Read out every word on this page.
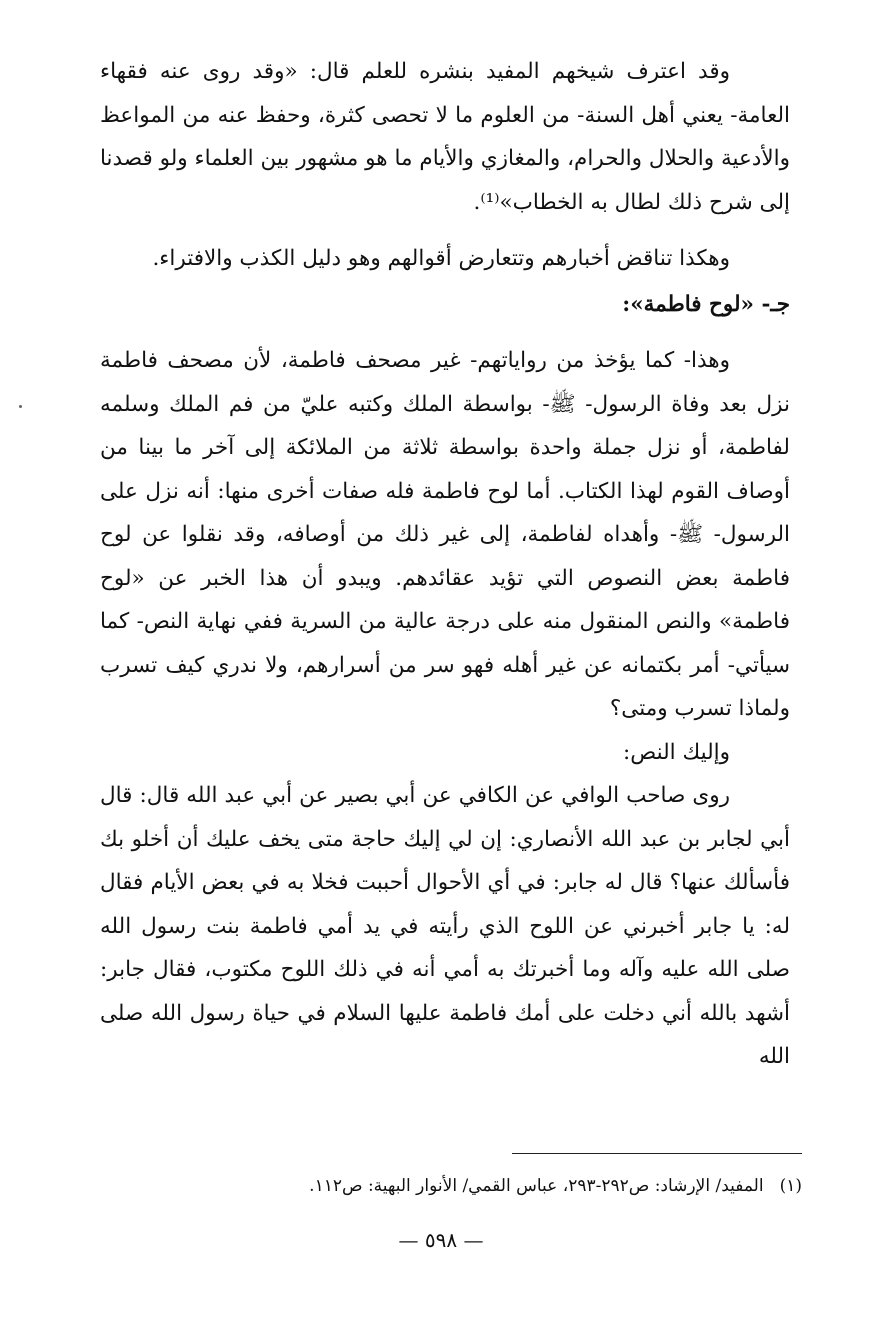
وقد اعترف شيخهم المفيد بنشره للعلم قال: «وقد روى عنه فقهاء العامة- يعني أهل السنة- من العلوم ما لا تحصى كثرة، وحفظ عنه من المواعظ والأدعية والحلال والحرام، والمغازي والأيام ما هو مشهور بين العلماء ولو قصدنا إلى شرح ذلك لطال به الخطاب»⁽¹⁾.

وهكذا تناقض أخبارهم وتتعارض أقوالهم وهو دليل الكذب والافتراء.

جـ- «لوح فاطمة»:

وهذا- كما يؤخذ من رواياتهم- غير مصحف فاطمة، لأن مصحف فاطمة نزل بعد وفاة الرسول- ﷺ- بواسطة الملك وكتبه عليّ من فم الملك وسلمه لفاطمة، أو نزل جملة واحدة بواسطة ثلاثة من الملائكة إلى آخر ما بينا من أوصاف القوم لهذا الكتاب. أما لوح فاطمة فله صفات أخرى منها: أنه نزل على الرسول- ﷺ- وأهداه لفاطمة، إلى غير ذلك من أوصافه، وقد نقلوا عن لوح فاطمة بعض النصوص التي تؤيد عقائدهم. ويبدو أن هذا الخبر عن «لوح فاطمة» والنص المنقول منه على درجة عالية من السرية ففي نهاية النص- كما سيأتي- أمر بكتمانه عن غير أهله فهو سر من أسرارهم، ولا ندري كيف تسرب ولماذا تسرب ومتى؟

وإليك النص:

روى صاحب الوافي عن الكافي عن أبي بصير عن أبي عبد الله قال: قال أبي لجابر بن عبد الله الأنصاري: إن لي إليك حاجة متى يخف عليك أن أخلو بك فأسألك عنها؟ قال له جابر: في أي الأحوال أحببت فخلا به في بعض الأيام فقال له: يا جابر أخبرني عن اللوح الذي رأيته في يد أمي فاطمة بنت رسول الله صلى الله عليه وآله وما أخبرتك به أمي أنه في ذلك اللوح مكتوب، فقال جابر: أشهد بالله أني دخلت على أمك فاطمة عليها السلام في حياة رسول الله صلى الله

(١)المفيد/ الإرشاد: ص٢٩٢-٢٩٣، عباس القمي/ الأنوار البهية: ص١١٢.
— ٥٩٨ —
